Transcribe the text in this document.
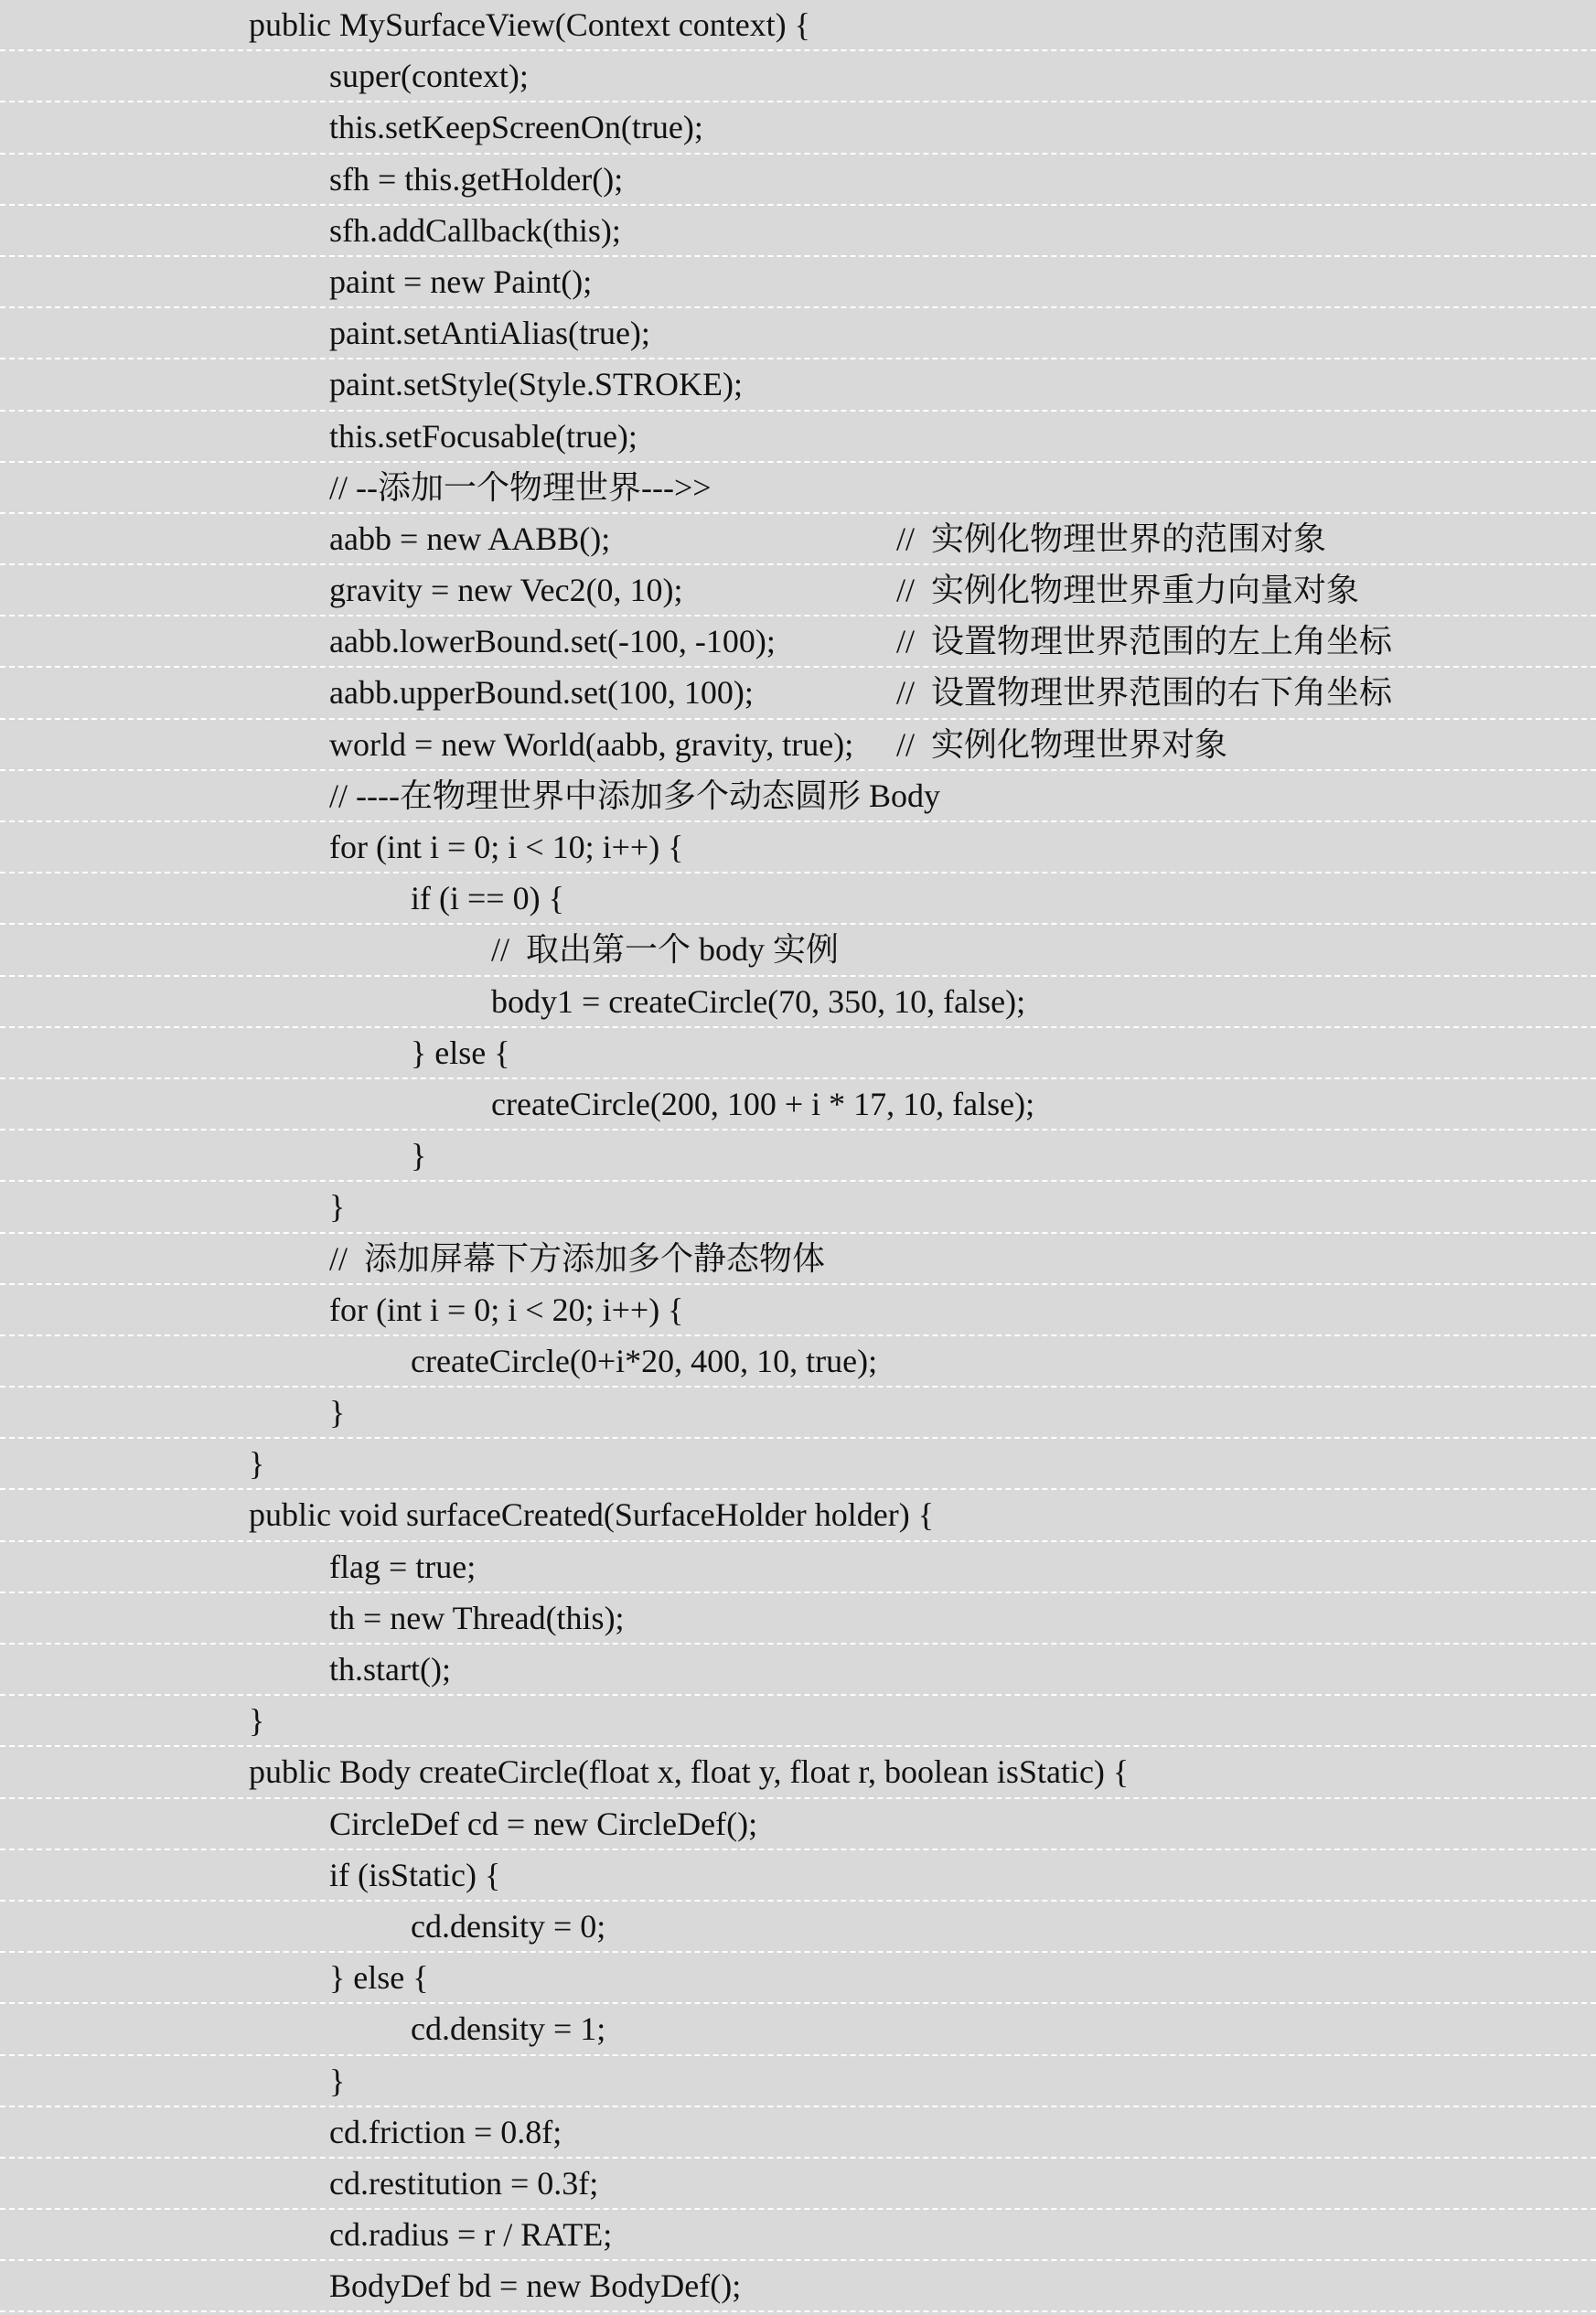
public MySurfaceView(Context context) {
super(context);
this.setKeepScreenOn(true);
sfh = this.getHolder();
sfh.addCallback(this);
paint = new Paint();
paint.setAntiAlias(true);
paint.setStyle(Style.STROKE);
this.setFocusable(true);
// --添加一个物理世界--->>
aabb = new AABB();	//  实例化物理世界的范围对象
gravity = new Vec2(0, 10);	//  实例化物理世界重力向量对象
aabb.lowerBound.set(-100, -100);	//  设置物理世界范围的左上角坐标
aabb.upperBound.set(100, 100);	//  设置物理世界范围的右下角坐标
world = new World(aabb, gravity, true); //  实例化物理世界对象
// ----在物理世界中添加多个动态圆形 Body
for (int i = 0; i < 10; i++) {
if (i == 0) {
//  取出第一个 body 实例
body1 = createCircle(70, 350, 10, false);
} else {
createCircle(200, 100 + i * 17, 10, false);
}
}
//  添加屏幕下方添加多个静态物体
for (int i = 0; i < 20; i++) {
createCircle(0+i*20, 400, 10, true);
}
}
public void surfaceCreated(SurfaceHolder holder) {
flag = true;
th = new Thread(this);
th.start();
}
public Body createCircle(float x, float y, float r, boolean isStatic) {
CircleDef cd = new CircleDef();
if (isStatic) {
cd.density = 0;
} else {
cd.density = 1;
}
cd.friction = 0.8f;
cd.restitution = 0.3f;
cd.radius = r / RATE;
BodyDef bd = new BodyDef();
